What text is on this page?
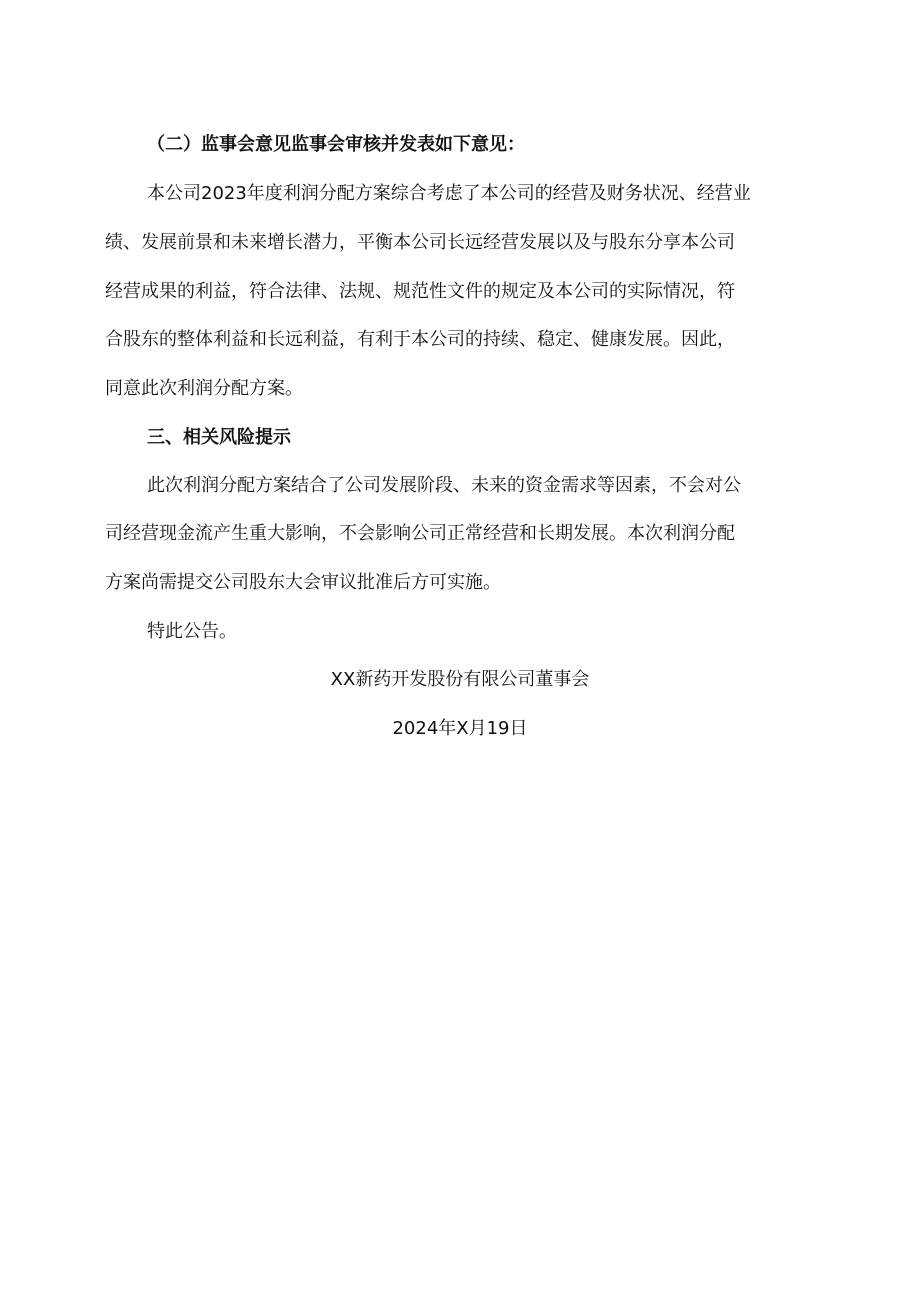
（二）监事会意见监事会审核并发表如下意见：
本公司2023年度利润分配方案综合考虑了本公司的经营及财务状况、经营业
绩、发展前景和未来增长潜力，平衡本公司长远经营发展以及与股东分享本公司
经营成果的利益，符合法律、法规、规范性文件的规定及本公司的实际情况，符
合股东的整体利益和长远利益，有利于本公司的持续、稳定、健康发展。因此，
同意此次利润分配方案。
三、相关风险提示
此次利润分配方案结合了公司发展阶段、未来的资金需求等因素，不会对公
司经营现金流产生重大影响，不会影响公司正常经营和长期发展。本次利润分配
方案尚需提交公司股东大会审议批准后方可实施。
特此公告。
XX新药开发股份有限公司董事会
2024年X月19日
